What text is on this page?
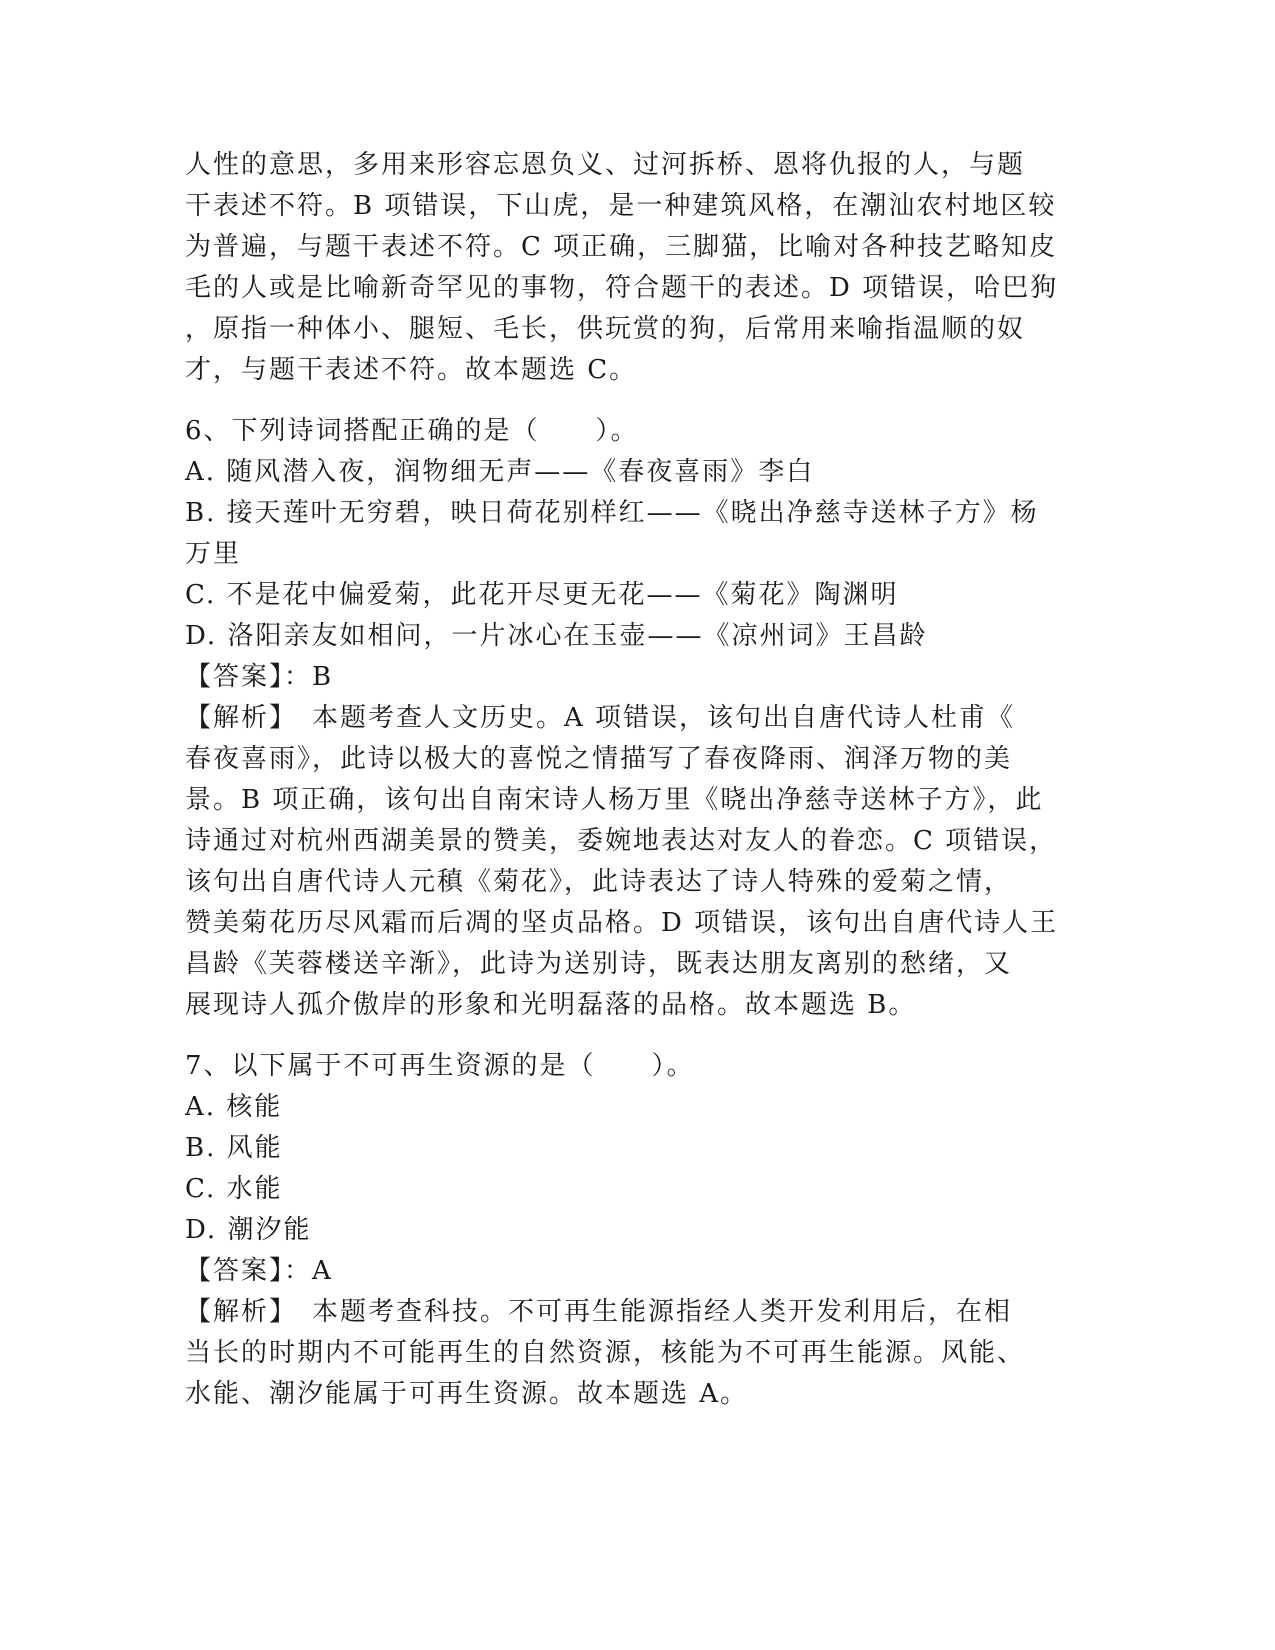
人性的意思，多用来形容忘恩负义、过河拆桥、恩将仇报的人，与题
干表述不符。B 项错误，下山虎，是一种建筑风格，在潮汕农村地区较
为普遍，与题干表述不符。C 项正确，三脚猫，比喻对各种技艺略知皮
毛的人或是比喻新奇罕见的事物，符合题干的表述。D 项错误，哈巴狗
，原指一种体小、腿短、毛长，供玩赏的狗，后常用来喻指温顺的奴
才，与题干表述不符。故本题选 C。
6、下列诗词搭配正确的是（　　）。
A. 随风潜入夜，润物细无声——《春夜喜雨》李白
B. 接天莲叶无穷碧，映日荷花别样红——《晓出净慈寺送林子方》杨
万里
C. 不是花中偏爱菊，此花开尽更无花——《菊花》陶渊明
D. 洛阳亲友如相问，一片冰心在玉壶——《凉州词》王昌龄
【答案】：B
【解析】　本题考查人文历史。A 项错误，该句出自唐代诗人杜甫《
春夜喜雨》，此诗以极大的喜悦之情描写了春夜降雨、润泽万物的美
景。B 项正确，该句出自南宋诗人杨万里《晓出净慈寺送林子方》，此
诗通过对杭州西湖美景的赞美，委婉地表达对友人的眷恋。C 项错误，
该句出自唐代诗人元稹《菊花》，此诗表达了诗人特殊的爱菊之情，
赞美菊花历尽风霜而后凋的坚贞品格。D 项错误，该句出自唐代诗人王
昌龄《芙蓉楼送辛渐》，此诗为送别诗，既表达朋友离别的愁绪，又
展现诗人孤介傲岸的形象和光明磊落的品格。故本题选 B。
7、以下属于不可再生资源的是（　　）。
A. 核能
B. 风能
C. 水能
D. 潮汐能
【答案】：A
【解析】　本题考查科技。不可再生能源指经人类开发利用后，在相
当长的时期内不可能再生的自然资源，核能为不可再生能源。风能、
水能、潮汐能属于可再生资源。故本题选 A。
